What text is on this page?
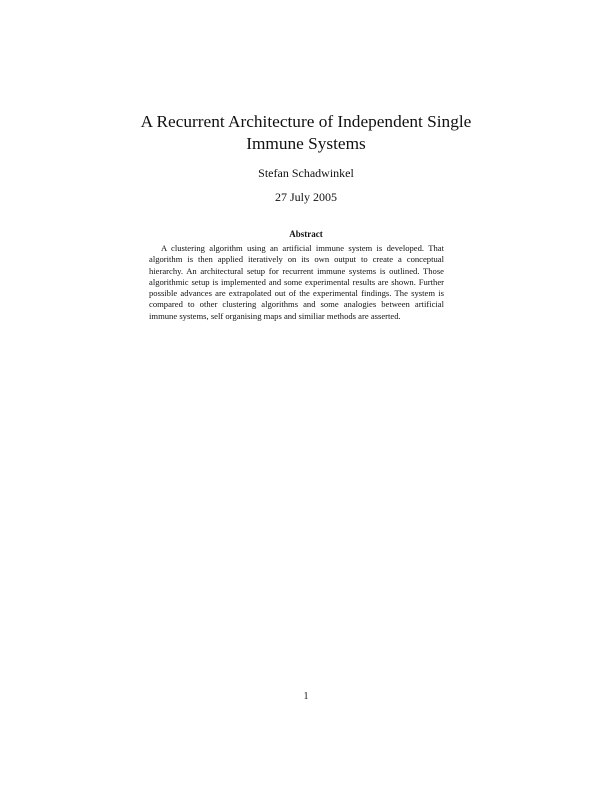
A Recurrent Architecture of Independent Single
Immune Systems
Stefan Schadwinkel
27 July 2005
Abstract

A clustering algorithm using an artificial immune system is developed. That algorithm is then applied iteratively on its own output to create a conceptual hierarchy. An architectural setup for recurrent immune systems is outlined. Those algorithmic setup is implemented and some experimental results are shown. Further possible advances are extrapolated out of the experimental findings. The system is compared to other clustering algorithms and some analogies between artificial immune systems, self organising maps and similiar methods are asserted.

1
